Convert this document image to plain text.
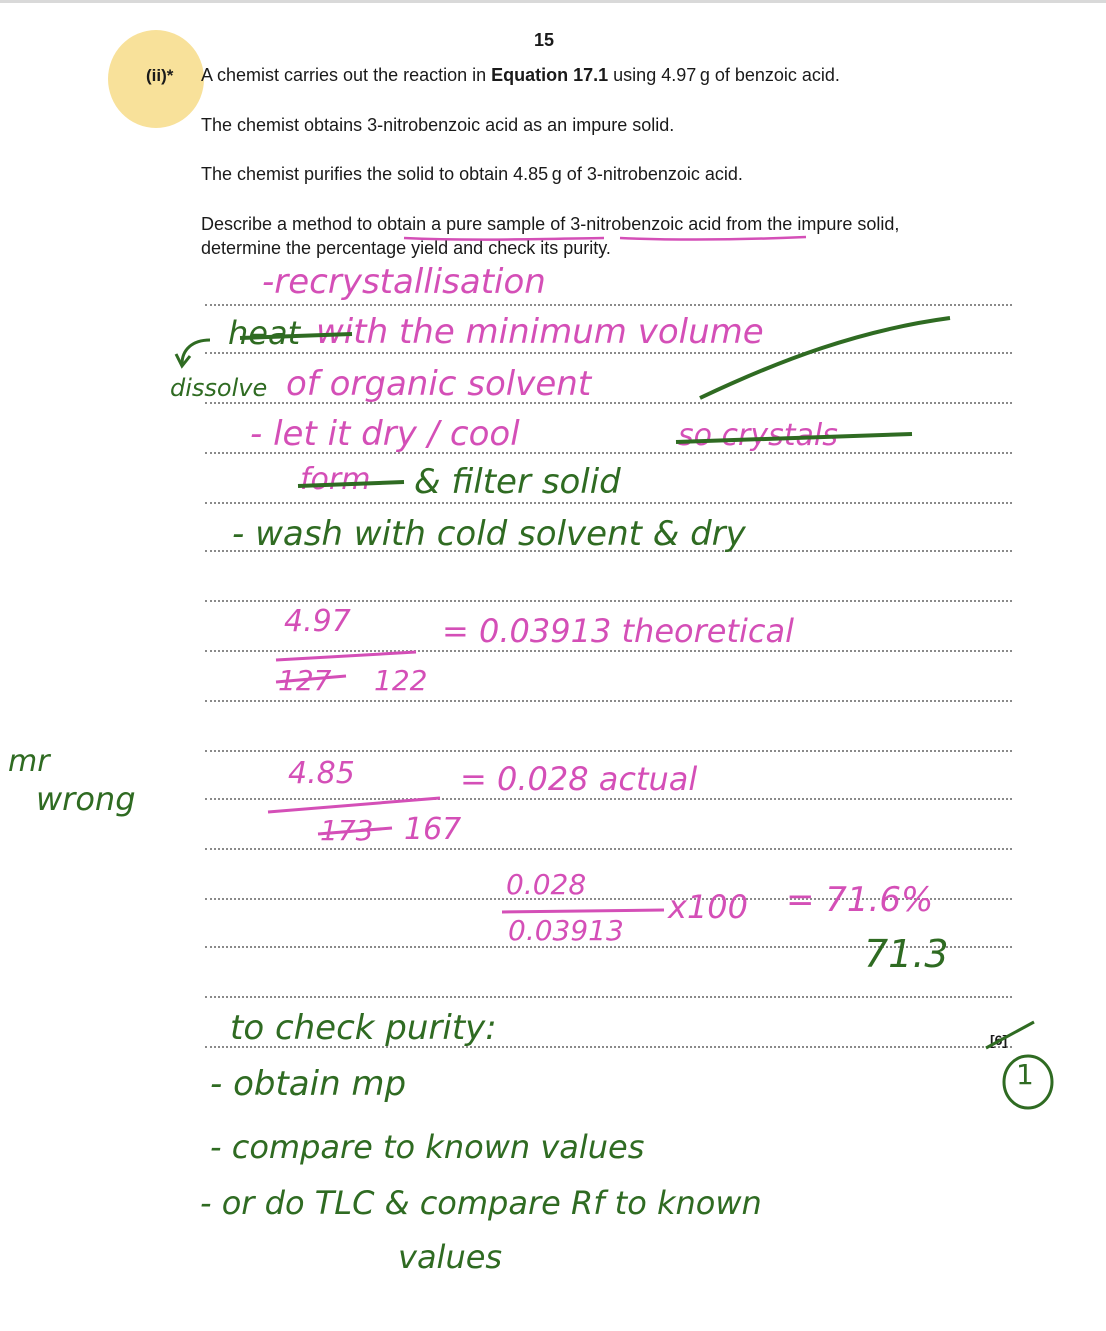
15
(ii)* A chemist carries out the reaction in Equation 17.1 using 4.97 g of benzoic acid.
The chemist obtains 3-nitrobenzoic acid as an impure solid.
The chemist purifies the solid to obtain 4.85 g of 3-nitrobenzoic acid.
Describe a method to obtain a pure sample of 3-nitrobenzoic acid from the impure solid,
determine the percentage yield and check its purity.
[6]
-recrystallisation
heat with the minimum volume
dissolve of organic solvent
- let it dry / cool	so crystals
form & filter solid
- wash with cold solvent & dry
4.97
127 122
= 0.03913 theoretical
mr
wrong
4.85
173 167
= 0.028 actual
0.028
0.03913
x100 = 71.6%
71.3
to check purity:
- obtain mp
- compare to known values
- or do TLC & compare Rf to known
values
1
